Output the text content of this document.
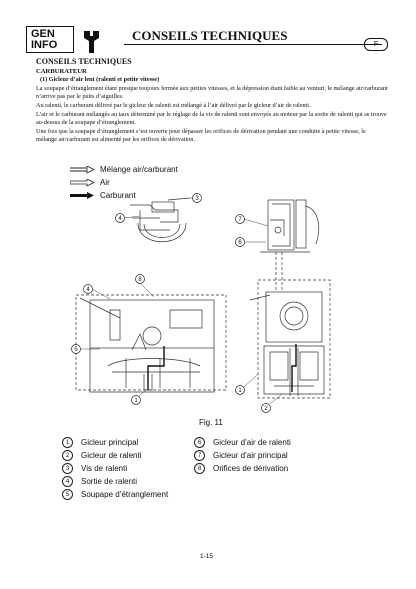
GEN
INFO
CONSEILS TECHNIQUES
F
CONSEILS TECHNIQUES
CARBURATEUR
(1) Gicleur d’air lent (ralenti et petite vitesse)

La soupape d’étranglement étant presque toujours fermée aux petites vitesses, et la dépression étant faible au venturi, le mélange air/carburant n’arrive pas par le puits d’aiguilles.

Au ralenti, le carburant délivré par le gicleur de ralenti est mélangé à l’air délivré par le gicleur d’air de ralenti.

L’air et le carburant mélangés au taux déterminé par le réglage de la vis de ralenti sont envoyés au moteur par la sortie de ralenti qui se trouve au-dessus de la soupape d’étranglement.

Une fois que la soupape d’étranglement s’est ouverte pour dépasser les orifices de dérivation pendant une conduite à petite vitesse, le mélange air/carburant est alimenté par les orifices de dérivation.

Mélange air/carburant
Air
Carburant	3
4	7
6
8
4
5
1
1
2
Fig. 11
1 Gicleur principal
2 Gicleur de ralenti
3 Vis de ralenti
4 Sortie de ralenti
5 Soupape d’étranglement
6 Gicleur d’air de ralenti
7 Gicleur d’air principal
8 Orifices de dérivation
1-15
